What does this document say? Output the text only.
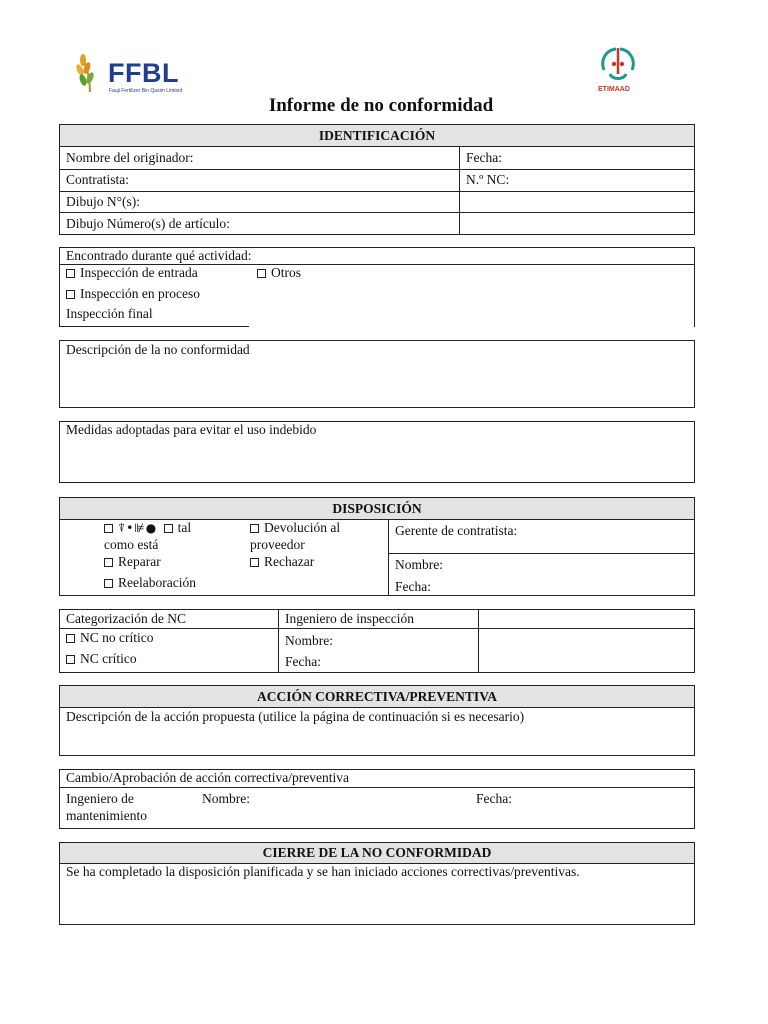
FFBL
Fauji Fertilizer Bin Qasim Limited	ETIMAAD
Informe de no conformidad
IDENTIFICACIÓN
Nombre del originador:	Fecha:
Contratista:	N.º NC:
Dibujo N°(s):
Dibujo Número(s) de artículo:
Encontrado durante qué actividad:
Inspección de entrada	Otros
Inspección en proceso
Inspección final
Descripción de la no conformidad
Medidas adoptadas para evitar el uso indebido
DISPOSICIÓN
⍒•⊯● tal
como está
Reparar
Reelaboración
Devolución al
proveedor
Rechazar
Gerente de contratista:
Nombre:
Fecha:
Categorización de NC
NC no crítico
NC crítico
Ingeniero de inspección
Nombre:
Fecha:
ACCIÓN CORRECTIVA/PREVENTIVA
Descripción de la acción propuesta (utilice la página de continuación si es necesario)
Cambio/Aprobación de acción correctiva/preventiva
Ingeniero de
mantenimiento
Nombre:	Fecha:
CIERRE DE LA NO CONFORMIDAD
Se ha completado la disposición planificada y se han iniciado acciones correctivas/preventivas.
